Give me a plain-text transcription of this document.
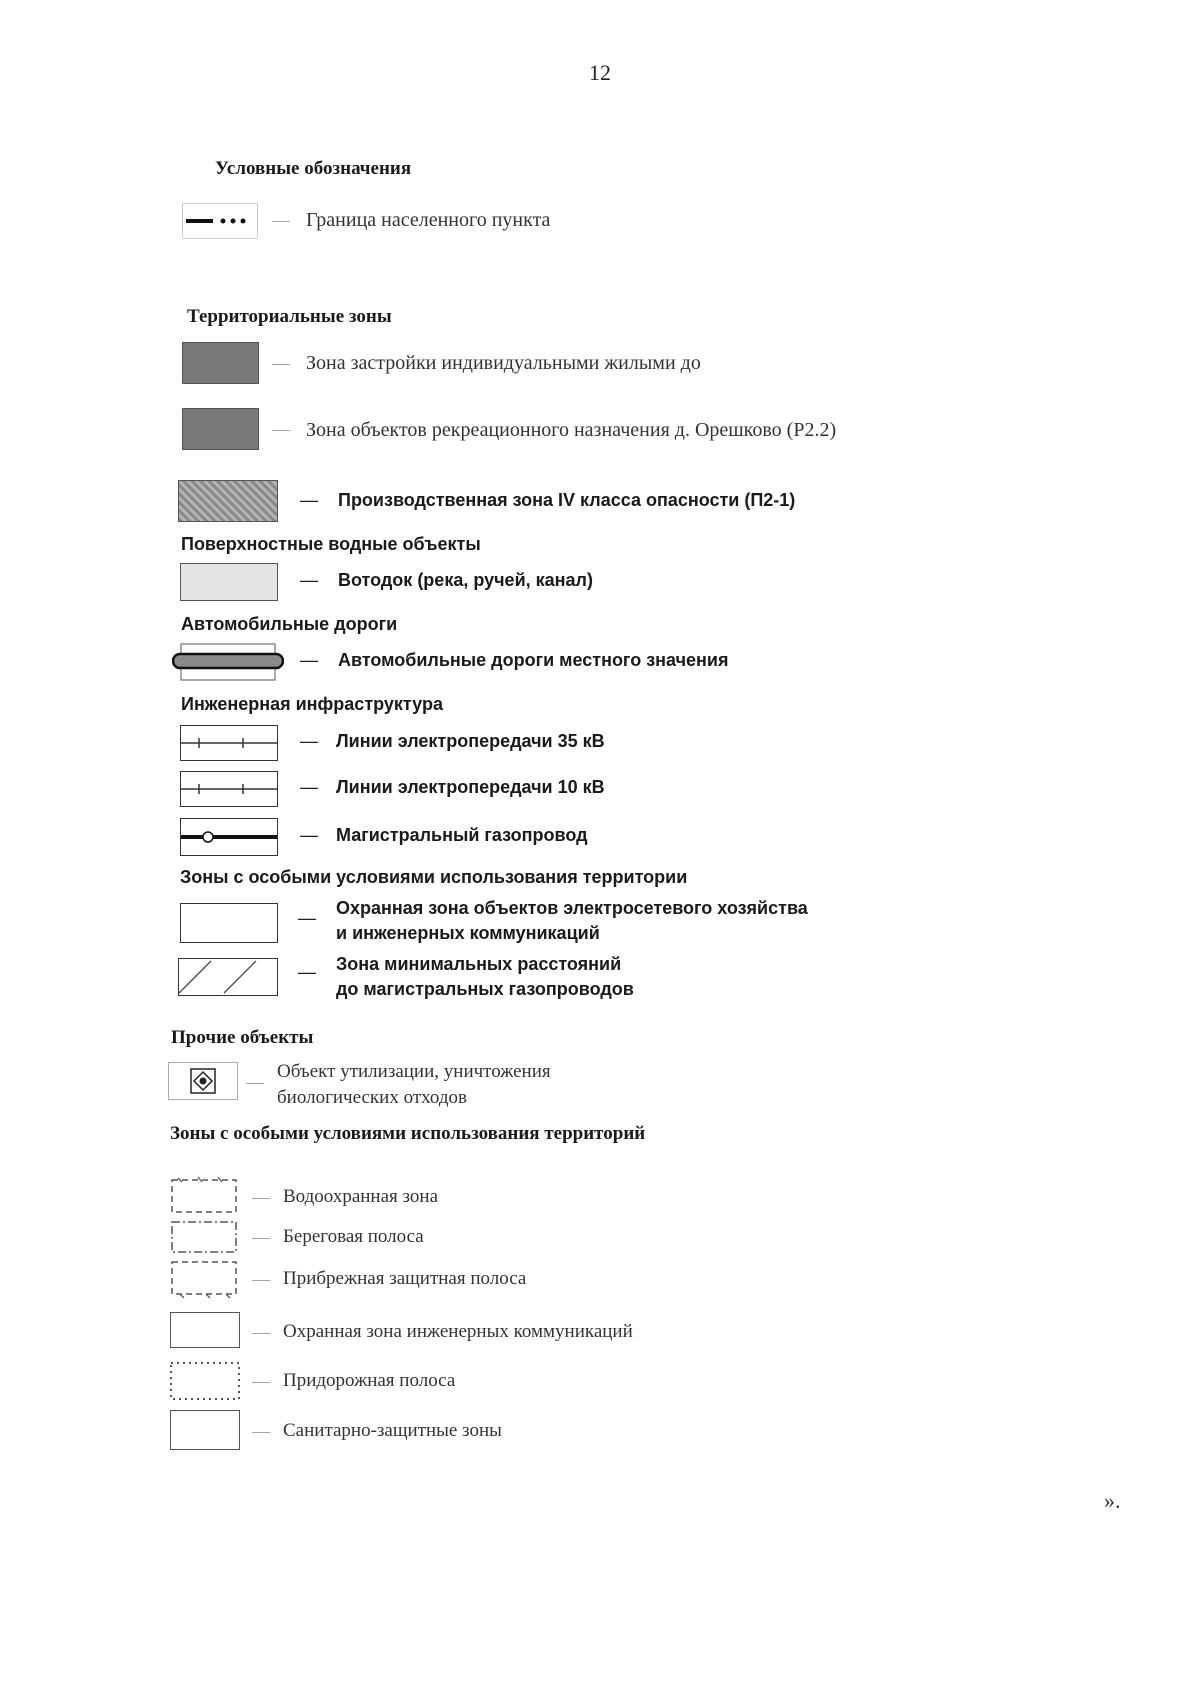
12
Условные обозначения
— Граница населенного пункта
Территориальные зоны
— Зона застройки индивидуальными жилыми до
— Зона объектов рекреационного назначения д. Орешково (Р2.2)
— Производственная зона IV класса опасности (П2-1)
Поверхностные водные объекты
— Вотодок (река, ручей, канал)
Автомобильные дороги
— Автомобильные дороги местного значения
Инженерная инфраструктура
— Линии электропередачи 35 кВ
— Линии электропередачи 10 кВ
— Магистральный газопровод
Зоны с особыми условиями использования территории
— Охранная зона объектов электросетевого хозяйства
и инженерных коммуникаций
— Зона минимальных расстояний
до магистральных газопроводов
Прочие объекты
— Объект утилизации, уничтожения
биологических отходов
Зоны с особыми условиями использования территорий
— Водоохранная зона
— Береговая полоса
— Прибрежная защитная полоса
— Охранная зона инженерных коммуникаций
— Придорожная полоса
— Санитарно-защитные зоны
».
